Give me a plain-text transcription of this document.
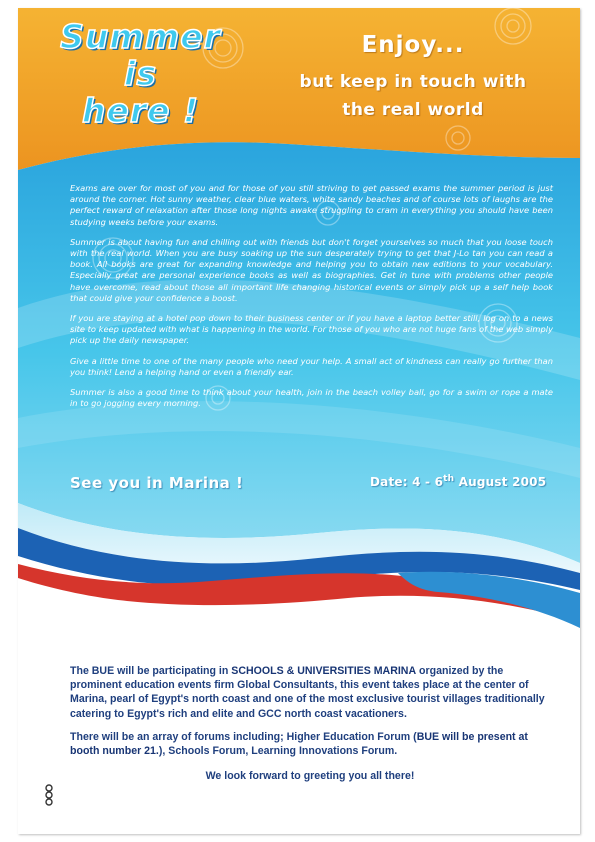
Summer
is
here !
Enjoy...
but keep in touch with
the real world

Exams are over for most of you and for those of you still striving to get passed exams the summer period is just around the corner. Hot sunny weather, clear blue waters, white sandy beaches and of course lots of laughs are the perfect reward of relaxation after those long nights awake struggling to cram in everything you should have been studying weeks before your exams.

Summer is about having fun and chilling out with friends but don't forget yourselves so much that you loose touch with the real world. When you are busy soaking up the sun desperately trying to get that J-Lo tan you can read a book. All books are great for expanding knowledge and helping you to obtain new editions to your vocabulary. Especially great are personal experience books as well as biographies. Get in tune with problems other people have overcome, read about those all important life changing historical events or simply pick up a self help book that could give your confidence a boost.

If you are staying at a hotel pop down to their business center or if you have a laptop better still, log on to a news site to keep updated with what is happening in the world. For those of you who are not huge fans of the web simply pick up the daily newspaper.

Give a little time to one of the many people who need your help. A small act of kindness can really go further than you think! Lend a helping hand or even a friendly ear.

Summer is also a good time to think about your health, join in the beach volley ball, go for a swim or rope a mate in to go jogging every morning.

See you in Marina !	Date: 4 - 6th August 2005

The BUE will be participating in SCHOOLS & UNIVERSITIES MARINA organized by the prominent education events firm Global Consultants, this event takes place at the center of Marina, pearl of Egypt's north coast and one of the most exclusive tourist villages traditionally catering to Egypt's rich and elite and GCC north coast vacationers.

There will be an array of forums including; Higher Education Forum (BUE will be present at booth number 21.), Schools Forum, Learning Innovations Forum.

We look forward to greeting you all there!
